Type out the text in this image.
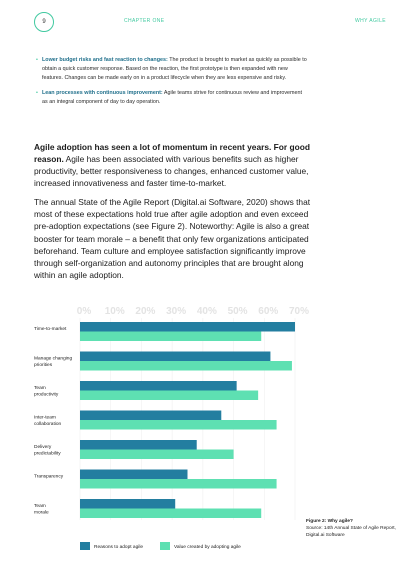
9	CHAPTER ONE	WHY AGILE
• Lower budget risks and fast reaction to changes: The product is brought to market as quickly as possible to obtain a quick customer response. Based on the reaction, the first prototype is then expanded with new features. Changes can be made early on in a product lifecycle when they are less expensive and risky.
• Lean processes with continuous improvement: Agile teams strive for continuous review and improvement as an integral component of day to day operation.

Agile adoption has seen a lot of momentum in recent years. For good reason. Agile has been associated with various benefits such as higher productivity, better responsiveness to changes, enhanced customer value, increased innovativeness and faster time-to-market.

The annual State of the Agile Report (Digital.ai Software, 2020) shows that most of these expectations hold true after agile adoption and even exceed pre-adoption expectations (see Figure 2). Noteworthy: Agile is also a great booster for team morale – a benefit that only few organizations anticipated beforehand. Team culture and employee satisfaction significantly improve through self-organization and autonomy principles that are brought along within an agile adoption.

0% 10% 20% 30% 40% 50% 60% 70%
Time-to-market
Manage changing priorities
Team productivity
Inter-team collaboration
Delivery predictability
Transparency
Team morale
Reasons to adopt agile	Value created by adopting agile
Figure 2: Why agile?
Source: 14th Annual State of Agile Report, Digital.ai Software
